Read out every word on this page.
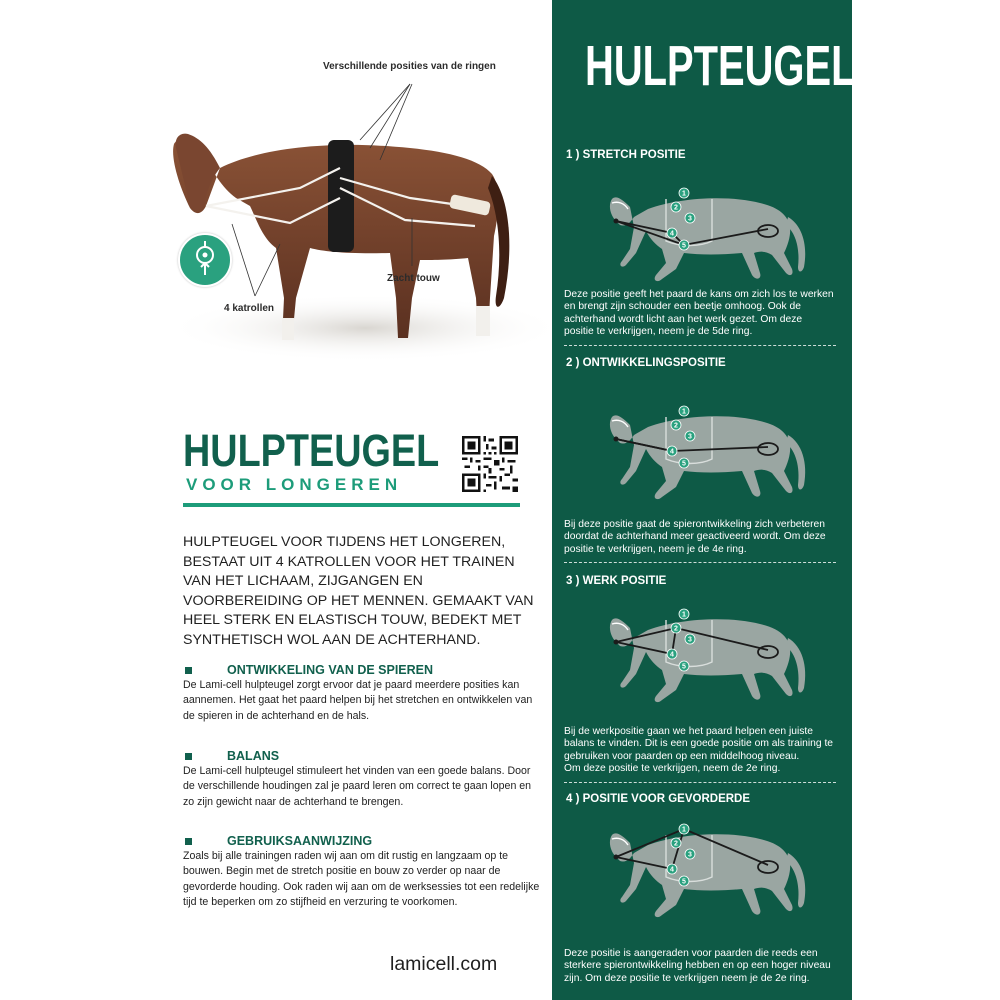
Verschillende posities van de ringen
Zacht touw
4 katrollen
HULPTEUGEL
VOOR LONGEREN

HULPTEUGEL VOOR TIJDENS HET LONGEREN, BESTAAT UIT 4 KATROLLEN VOOR HET TRAINEN VAN HET LICHAAM, ZIJGANGEN EN VOORBEREIDING OP HET MENNEN. GEMAAKT VAN HEEL STERK EN ELASTISCH TOUW, BEDEKT MET SYNTHETISCH WOL AAN DE ACHTERHAND.

ONTWIKKELING VAN DE SPIEREN

De Lami-cell hulpteugel zorgt ervoor dat je paard meerdere posities kan aannemen. Het gaat het paard helpen bij het stretchen en ontwikkelen van de spieren in de achterhand en de hals.

BALANS

De Lami-cell hulpteugel stimuleert het vinden van een goede balans. Door de verschillende houdingen zal je paard leren om correct te gaan lopen en zo zijn gewicht naar de achterhand te brengen.

GEBRUIKSAANWIJZING

Zoals bij alle trainingen raden wij aan om dit rustig en langzaam op te bouwen. Begin met de stretch positie en bouw zo verder op naar de gevorderde houding. Ook raden wij aan om de werksessies tot een redelijke tijd te beperken om zo stijfheid en verzuring te voorkomen.

lamicell.com
HULPTEUGELS
1 ) STRETCH POSITIE
1
2
3
4
5

Deze positie geeft het paard de kans om zich los te werken
en brengt zijn schouder een beetje omhoog. Ook de
achterhand wordt licht aan het werk gezet. Om deze
positie te verkrijgen, neem je de 5de ring.

2 ) ONTWIKKELINGSPOSITIE
1
2
3
4
5

Bij deze positie gaat de spierontwikkeling zich verbeteren
doordat de achterhand meer geactiveerd wordt. Om deze
positie te verkrijgen, neem je de 4e ring.

3 ) WERK POSITIE
1
2
3
4
5

Bij de werkpositie gaan we het paard helpen een juiste
balans te vinden. Dit is een goede positie om als training te
gebruiken voor paarden op een middelhoog niveau.
Om deze positie te verkrijgen, neem de 2e ring.

4 ) POSITIE VOOR GEVORDERDE
1
2
3
4
5

Deze positie is aangeraden voor paarden die reeds een
sterkere spierontwikkeling hebben en op een hoger niveau
zijn. Om deze positie te verkrijgen neem je de 2e ring.
